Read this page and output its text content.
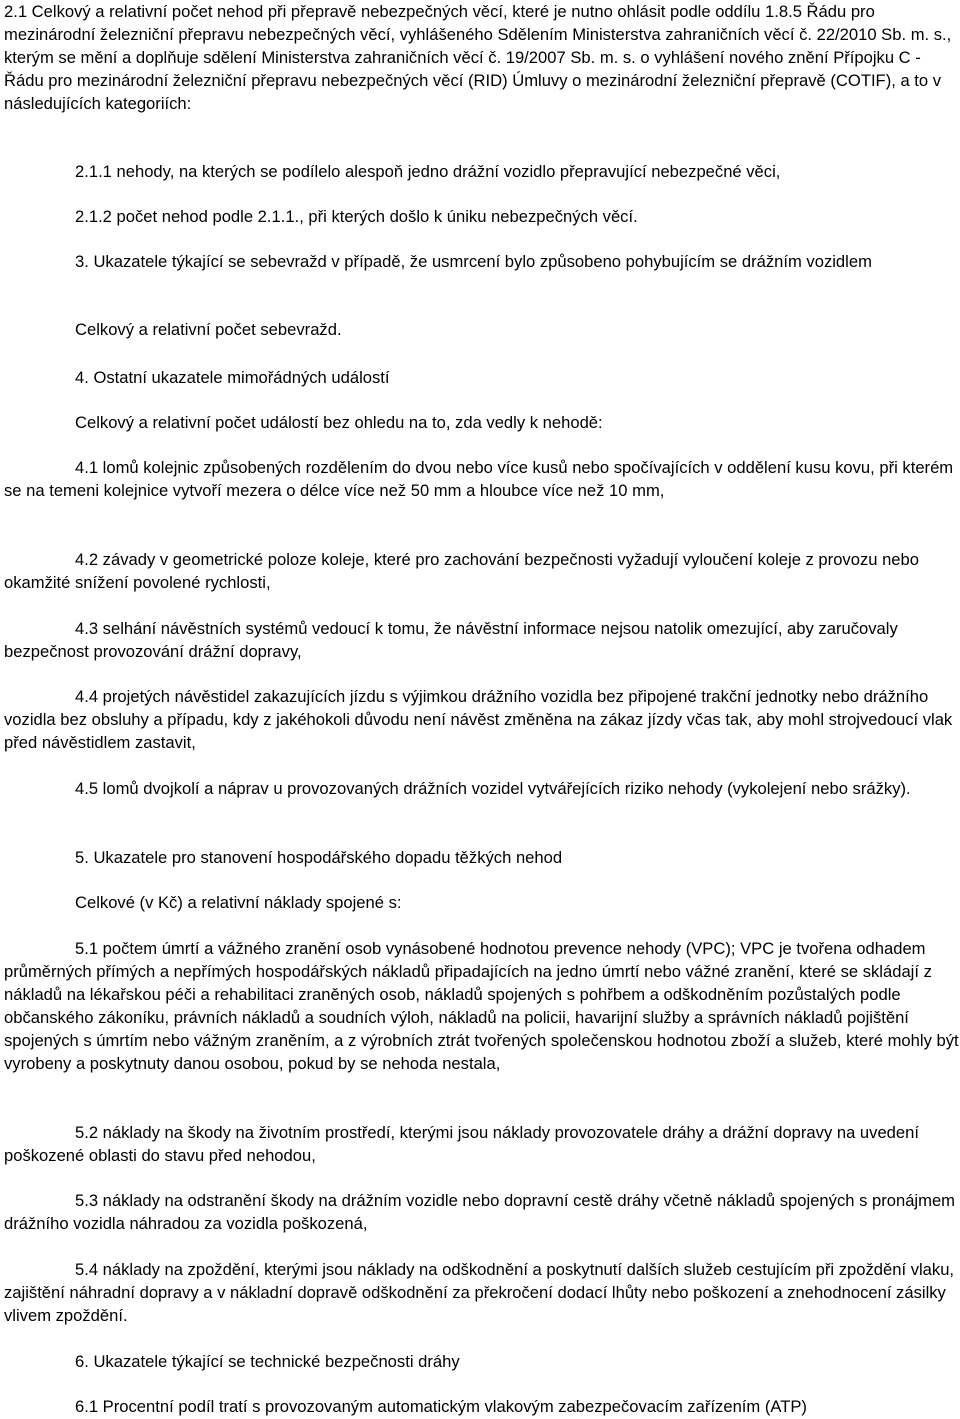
2.1 Celkový a relativní počet nehod při přepravě nebezpečných věcí, které je nutno ohlásit podle oddílu 1.8.5 Řádu pro mezinárodní železniční přepravu nebezpečných věcí, vyhlášeného Sdělením Ministerstva zahraničních věcí č. 22/2010 Sb. m. s., kterým se mění a doplňuje sdělení Ministerstva zahraničních věcí č. 19/2007 Sb. m. s. o vyhlášení nového znění Přípojku C - Řádu pro mezinárodní železniční přepravu nebezpečných věcí (RID) Úmluvy o mezinárodní železniční přepravě (COTIF), a to v následujících kategoriích:

2.1.1 nehody, na kterých se podílelo alespoň jedno drážní vozidlo přepravující nebezpečné věci,

2.1.2 počet nehod podle 2.1.1., při kterých došlo k úniku nebezpečných věcí.

3. Ukazatele týkající se sebevražd v případě, že usmrcení bylo způsobeno pohybujícím se drážním vozidlem

Celkový a relativní počet sebevražd.

4. Ostatní ukazatele mimořádných událostí

Celkový a relativní počet událostí bez ohledu na to, zda vedly k nehodě:

4.1 lomů kolejnic způsobených rozdělením do dvou nebo více kusů nebo spočívajících v oddělení kusu kovu, při kterém se na temeni kolejnice vytvoří mezera o délce více než 50 mm a hloubce více než 10 mm,

4.2 závady v geometrické poloze koleje, které pro zachování bezpečnosti vyžadují vyloučení koleje z provozu nebo okamžité snížení povolené rychlosti,

4.3 selhání návěstních systémů vedoucí k tomu, že návěstní informace nejsou natolik omezující, aby zaručovaly bezpečnost provozování drážní dopravy,

4.4 projetých návěstidel zakazujících jízdu s výjimkou drážního vozidla bez připojené trakční jednotky nebo drážního vozidla bez obsluhy a případu, kdy z jakéhokoli důvodu není návěst změněna na zákaz jízdy včas tak, aby mohl strojvedoucí vlak před návěstidlem zastavit,

4.5 lomů dvojkolí a náprav u provozovaných drážních vozidel vytvářejících riziko nehody (vykolejení nebo srážky).

5. Ukazatele pro stanovení hospodářského dopadu těžkých nehod

Celkové (v Kč) a relativní náklady spojené s:

5.1 počtem úmrtí a vážného zranění osob vynásobené hodnotou prevence nehody (VPC); VPC je tvořena odhadem průměrných přímých a nepřímých hospodářských nákladů připadajících na jedno úmrtí nebo vážné zranění, které se skládají z nákladů na lékařskou péči a rehabilitaci zraněných osob, nákladů spojených s pohřbem a odškodněním pozůstalých podle občanského zákoníku, právních nákladů a soudních výloh, nákladů na policii, havarijní služby a správních nákladů pojištění spojených s úmrtím nebo vážným zraněním, a z výrobních ztrát tvořených společenskou hodnotou zboží a služeb, které mohly být vyrobeny a poskytnuty danou osobou, pokud by se nehoda nestala,

5.2 náklady na škody na životním prostředí, kterými jsou náklady provozovatele dráhy a drážní dopravy na uvedení poškozené oblasti do stavu před nehodou,

5.3 náklady na odstranění škody na drážním vozidle nebo dopravní cestě dráhy včetně nákladů spojených s pronájmem drážního vozidla náhradou za vozidla poškozená,

5.4 náklady na zpoždění, kterými jsou náklady na odškodnění a poskytnutí dalších služeb cestujícím při zpoždění vlaku, zajištění náhradní dopravy a v nákladní dopravě odškodnění za překročení dodací lhůty nebo poškození a znehodnocení zásilky vlivem zpoždění.

6. Ukazatele týkající se technické bezpečnosti dráhy

6.1 Procentní podíl tratí s provozovaným automatickým vlakovým zabezpečovacím zařízením (ATP)
